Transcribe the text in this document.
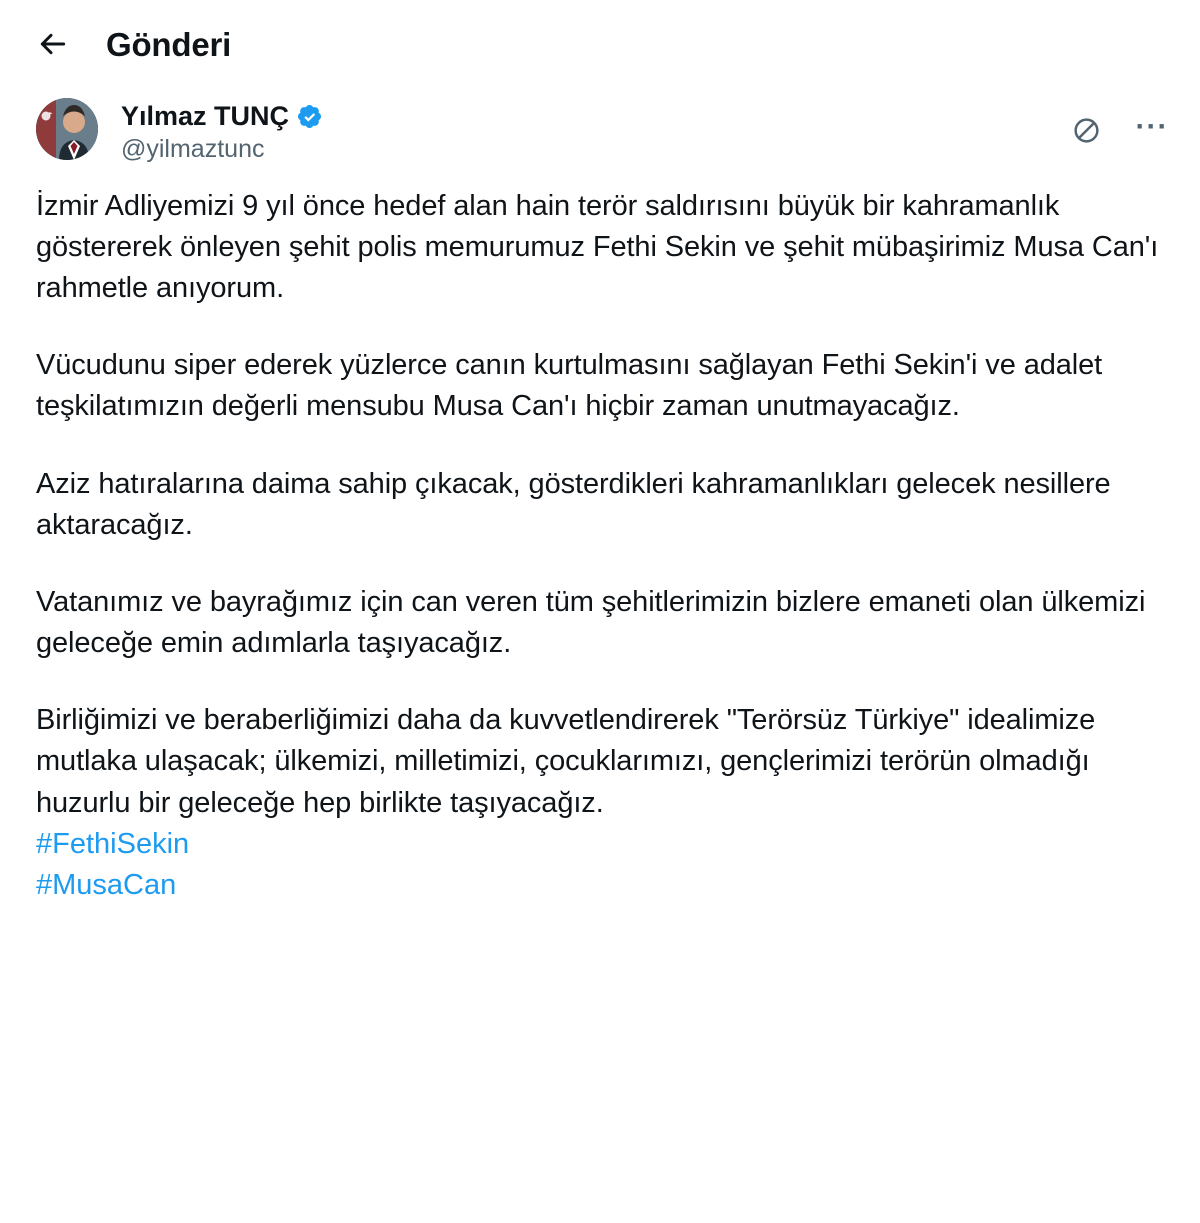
Gönderi
Yılmaz TUNÇ
@yilmaztunc
···

İzmir Adliyemizi 9 yıl önce hedef alan hain terör saldırısını büyük bir kahramanlık göstererek önleyen şehit polis memurumuz Fethi Sekin ve şehit mübaşirimiz Musa Can'ı rahmetle anıyorum.

Vücudunu siper ederek yüzlerce canın kurtulmasını sağlayan Fethi Sekin'i ve adalet teşkilatımızın değerli mensubu Musa Can'ı hiçbir zaman unutmayacağız.

Aziz hatıralarına daima sahip çıkacak, gösterdikleri kahramanlıkları gelecek nesillere aktaracağız.

Vatanımız ve bayrağımız için can veren tüm şehitlerimizin bizlere emaneti olan ülkemizi geleceğe emin adımlarla taşıyacağız.

Birliğimizi ve beraberliğimizi daha da kuvvetlendirerek "Terörsüz Türkiye" idealimize mutlaka ulaşacak; ülkemizi, milletimizi, çocuklarımızı, gençlerimizi terörün olmadığı huzurlu bir geleceğe hep birlikte taşıyacağız.

#FethiSekin
#MusaCan
